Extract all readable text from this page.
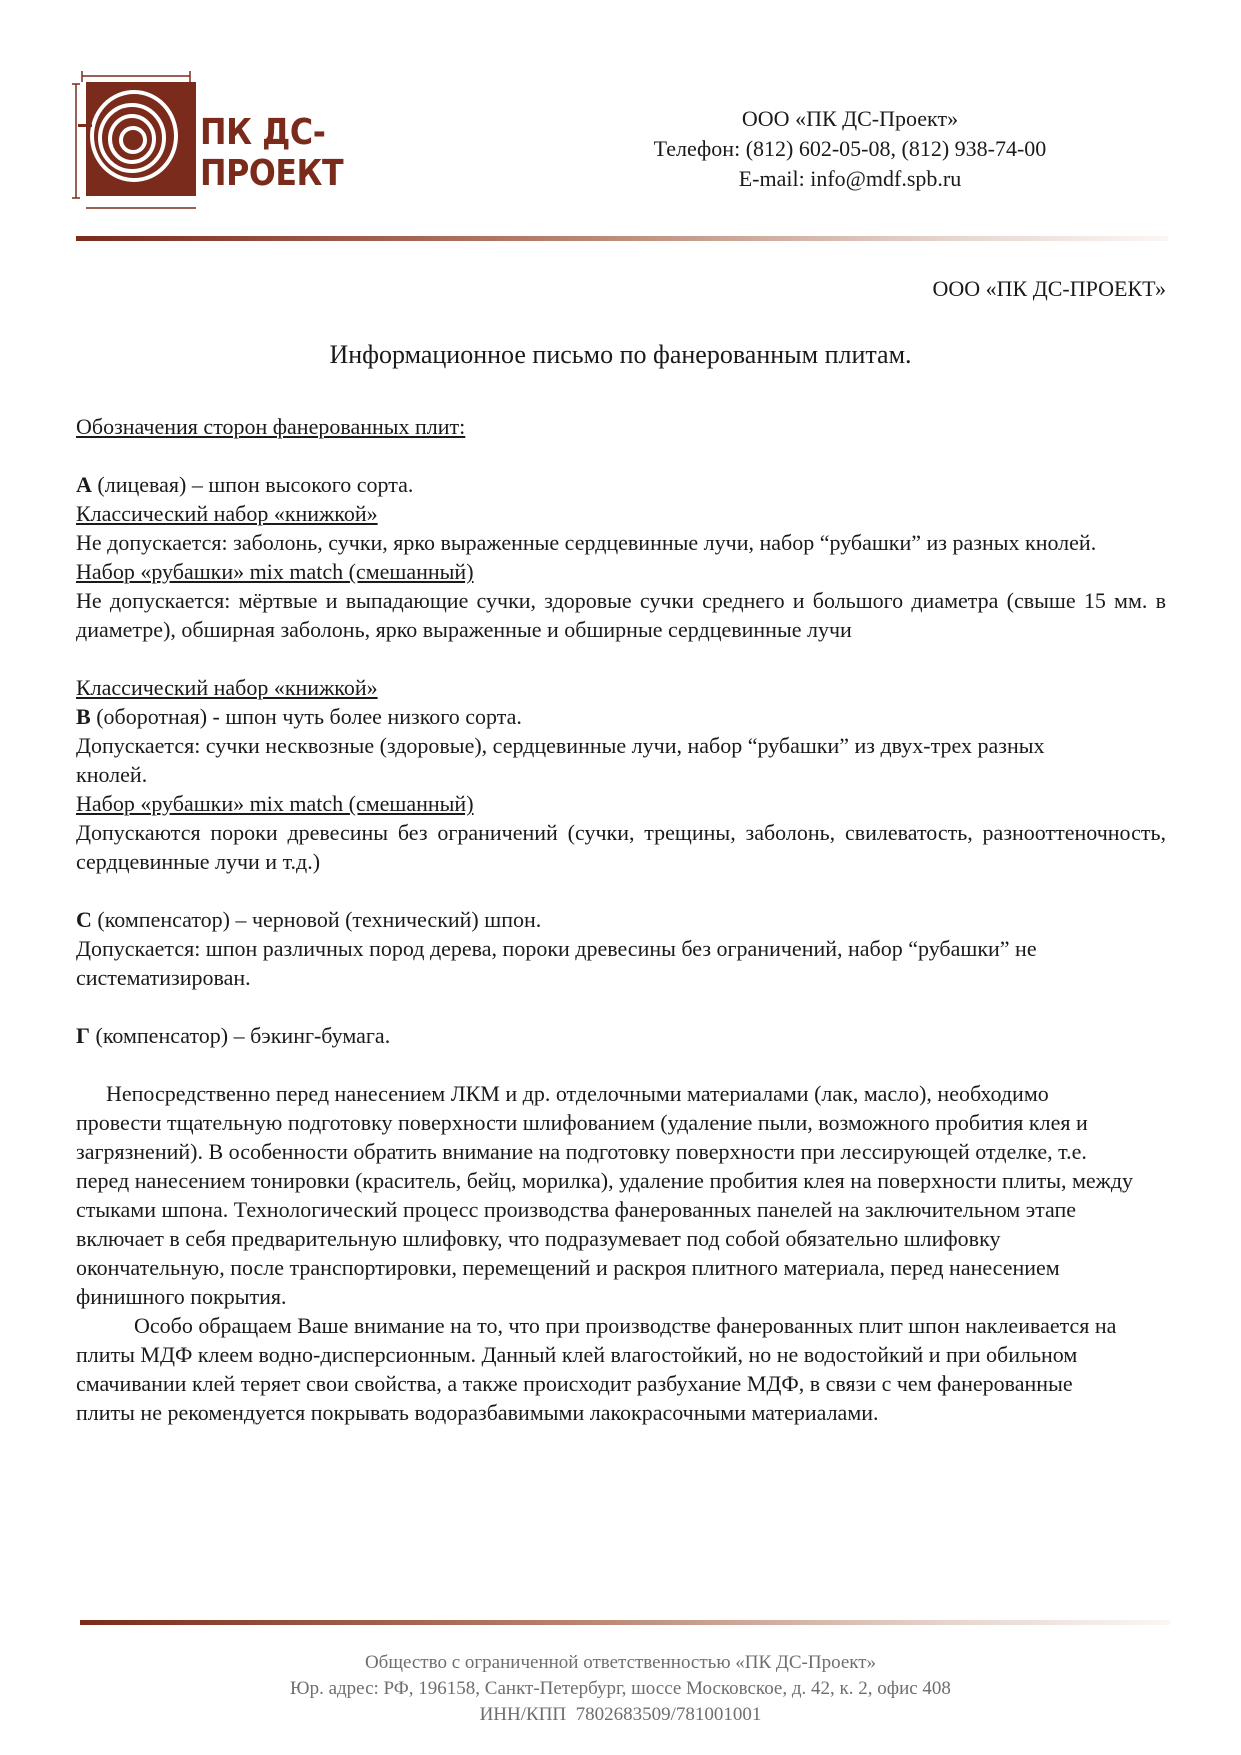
ПК ДС-ПРОЕКТ
ООО «ПК ДС-Проект»
Телефон: (812) 602-05-08, (812) 938-74-00
E-mail: info@mdf.spb.ru
ООО «ПК ДС-ПРОЕКТ»
Информационное письмо по фанерованным плитам.

Обозначения сторон фанерованных плит:

А (лицевая) – шпон высокого сорта.

Классический набор «книжкой»

Не допускается: заболонь, сучки, ярко выраженные сердцевинные лучи, набор “рубашки” из разных кнолей.

Набор «рубашки» mix match (смешанный)

Не допускается: мёртвые и выпадающие сучки, здоровые сучки среднего и большого диаметра (свыше 15 мм. в диаметре), обширная заболонь, ярко выраженные и обширные сердцевинные лучи

Классический набор «книжкой»

В (оборотная) - шпон чуть более низкого сорта.

Допускается: сучки несквозные (здоровые), сердцевинные лучи, набор “рубашки” из двух-трех разных кнолей.

Набор «рубашки» mix match (смешанный)

Допускаются пороки древесины без ограничений (сучки, трещины, заболонь, свилеватость, разнооттеночность, сердцевинные лучи и т.д.)

С (компенсатор) – черновой (технический) шпон.

Допускается: шпон различных пород дерева, пороки древесины без ограничений, набор “рубашки” не систематизирован.

Г (компенсатор) – бэкинг-бумага.

Непосредственно перед нанесением ЛКМ и др. отделочными материалами (лак, масло), необходимо провести тщательную подготовку поверхности шлифованием (удаление пыли, возможного пробития клея и загрязнений). В особенности обратить внимание на подготовку поверхности при лессирующей отделке, т.е. перед нанесением тонировки (краситель, бейц, морилка), удаление пробития клея на поверхности плиты, между стыками шпона. Технологический процесс производства фанерованных панелей на заключительном этапе включает в себя предварительную шлифовку, что подразумевает под собой обязательно шлифовку окончательную, после транспортировки, перемещений и раскроя плитного материала, перед нанесением финишного покрытия.

Особо обращаем Ваше внимание на то, что при производстве фанерованных плит шпон наклеивается на плиты МДФ клеем водно-дисперсионным. Данный клей влагостойкий, но не водостойкий и при обильном смачивании клей теряет свои свойства, а также происходит разбухание МДФ, в связи с чем фанерованные плиты не рекомендуется покрывать водоразбавимыми лакокрасочными материалами.

Общество с ограниченной ответственностью «ПК ДС-Проект»
Юр. адрес: РФ, 196158, Санкт-Петербург, шоссе Московское, д. 42, к. 2, офис 408
ИНН/КПП  7802683509/781001001
